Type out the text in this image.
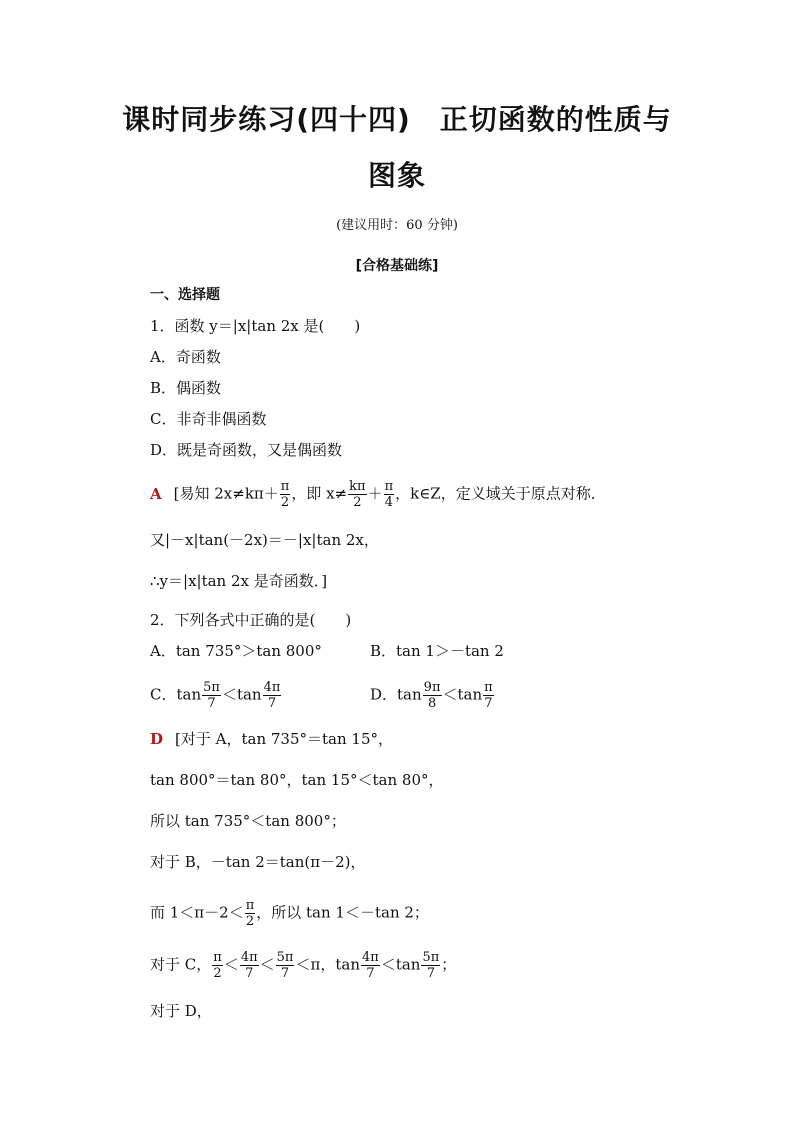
课时同步练习(四十四)　正切函数的性质与
图象
(建议用时：60 分钟)
[合格基础练]
一、选择题
1．函数 y＝|x|tan 2x 是(　　)
A．奇函数
B．偶函数
C．非奇非偶函数
D．既是奇函数，又是偶函数
A [易知 $2x\ne k\pi+ \frac{\pi}{2}$ ，即 $x\ne \frac{k\pi}{2} + \frac{\pi}{4}$ ，k∈Z，定义域关于原点对称．
又|－x|tan(－2x)＝－|x|tan 2x，
∴y＝|x|tan 2x 是奇函数．]
2．下列各式中正确的是(　　)
A．tan 735°＞tan 800°	B．tan 1＞－tan 2
C．$\tan \frac{5\pi}{7} <\tan \frac{4\pi}{7}$	D．$\tan \frac{9\pi}{8} <\tan \frac{\pi}{7}$
D [对于 A，tan 735°＝tan 15°，
tan 800°＝tan 80°，tan 15°＜tan 80°，
所以 tan 735°＜tan 800°；
对于 B，－tan 2＝tan(π－2)，
而 $1<\pi-2< \frac{\pi}{2}$ ，所以 tan 1＜－tan 2；
对于 C， $\frac{\pi}{2} < \frac{4\pi}{7} < \frac{5\pi}{7} <\pi$，$\tan \frac{4\pi}{7} <\tan \frac{5\pi}{7}$ ；
对于 D，
